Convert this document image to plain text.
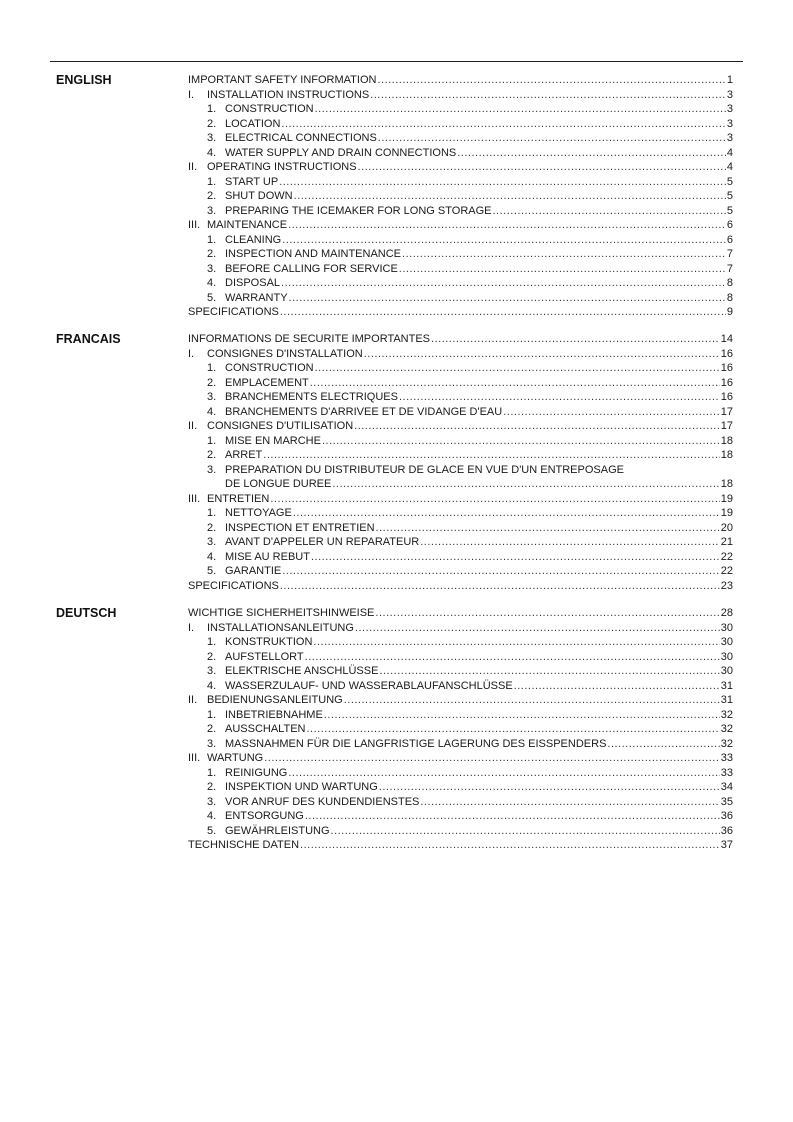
ENGLISH	IMPORTANT SAFETY INFORMATION .....	1
I. INSTALLATION INSTRUCTIONS .....	3
1. CONSTRUCTION .....	3
2. LOCATION .....	3
3. ELECTRICAL CONNECTIONS .....	3
4. WATER SUPPLY AND DRAIN CONNECTIONS .....	4
II. OPERATING INSTRUCTIONS .....	4
1. START UP .....	5
2. SHUT DOWN .....	5
3. PREPARING THE ICEMAKER FOR LONG STORAGE .....	5
III. MAINTENANCE .....	6
1. CLEANING .....	6
2. INSPECTION AND MAINTENANCE .....	7
3. BEFORE CALLING FOR SERVICE .....	7
4. DISPOSAL .....	8
5. WARRANTY .....	8
SPECIFICATIONS .....	9
FRANCAIS	INFORMATIONS DE SECURITE IMPORTANTES .....	14
I. CONSIGNES D'INSTALLATION .....	16
1. CONSTRUCTION .....	16
2. EMPLACEMENT .....	16
3. BRANCHEMENTS ELECTRIQUES .....	16
4. BRANCHEMENTS D'ARRIVEE ET DE VIDANGE D'EAU .....	17
II. CONSIGNES D'UTILISATION .....	17
1. MISE EN MARCHE .....	18
2. ARRET .....	18
3. PREPARATION DU DISTRIBUTEUR DE GLACE EN VUE D'UN ENTREPOSAGE
DE LONGUE DUREE .....	18
III. ENTRETIEN .....	19
1. NETTOYAGE .....	19
2. INSPECTION ET ENTRETIEN .....	20
3. AVANT D'APPELER UN REPARATEUR .....	21
4. MISE AU REBUT .....	22
5. GARANTIE .....	22
SPECIFICATIONS .....	23
DEUTSCH	WICHTIGE SICHERHEITSHINWEISE .....	28
I. INSTALLATIONSANLEITUNG .....	30
1. KONSTRUKTION .....	30
2. AUFSTELLORT .....	30
3. ELEKTRISCHE ANSCHLÜSSE .....	30
4. WASSERZULAUF- UND WASSERABLAUFANSCHLÜSSE .....	31
II. BEDIENUNGSANLEITUNG .....	31
1. INBETRIEBNAHME .....	32
2. AUSSCHALTEN .....	32
3. MASSNAHMEN FÜR DIE LANGFRISTIGE LAGERUNG DES EISSPENDERS .....	32
III. WARTUNG .....	33
1. REINIGUNG .....	33
2. INSPEKTION UND WARTUNG .....	34
3. VOR ANRUF DES KUNDENDIENSTES .....	35
4. ENTSORGUNG .....	36
5. GEWÄHRLEISTUNG .....	36
TECHNISCHE DATEN .....	37
